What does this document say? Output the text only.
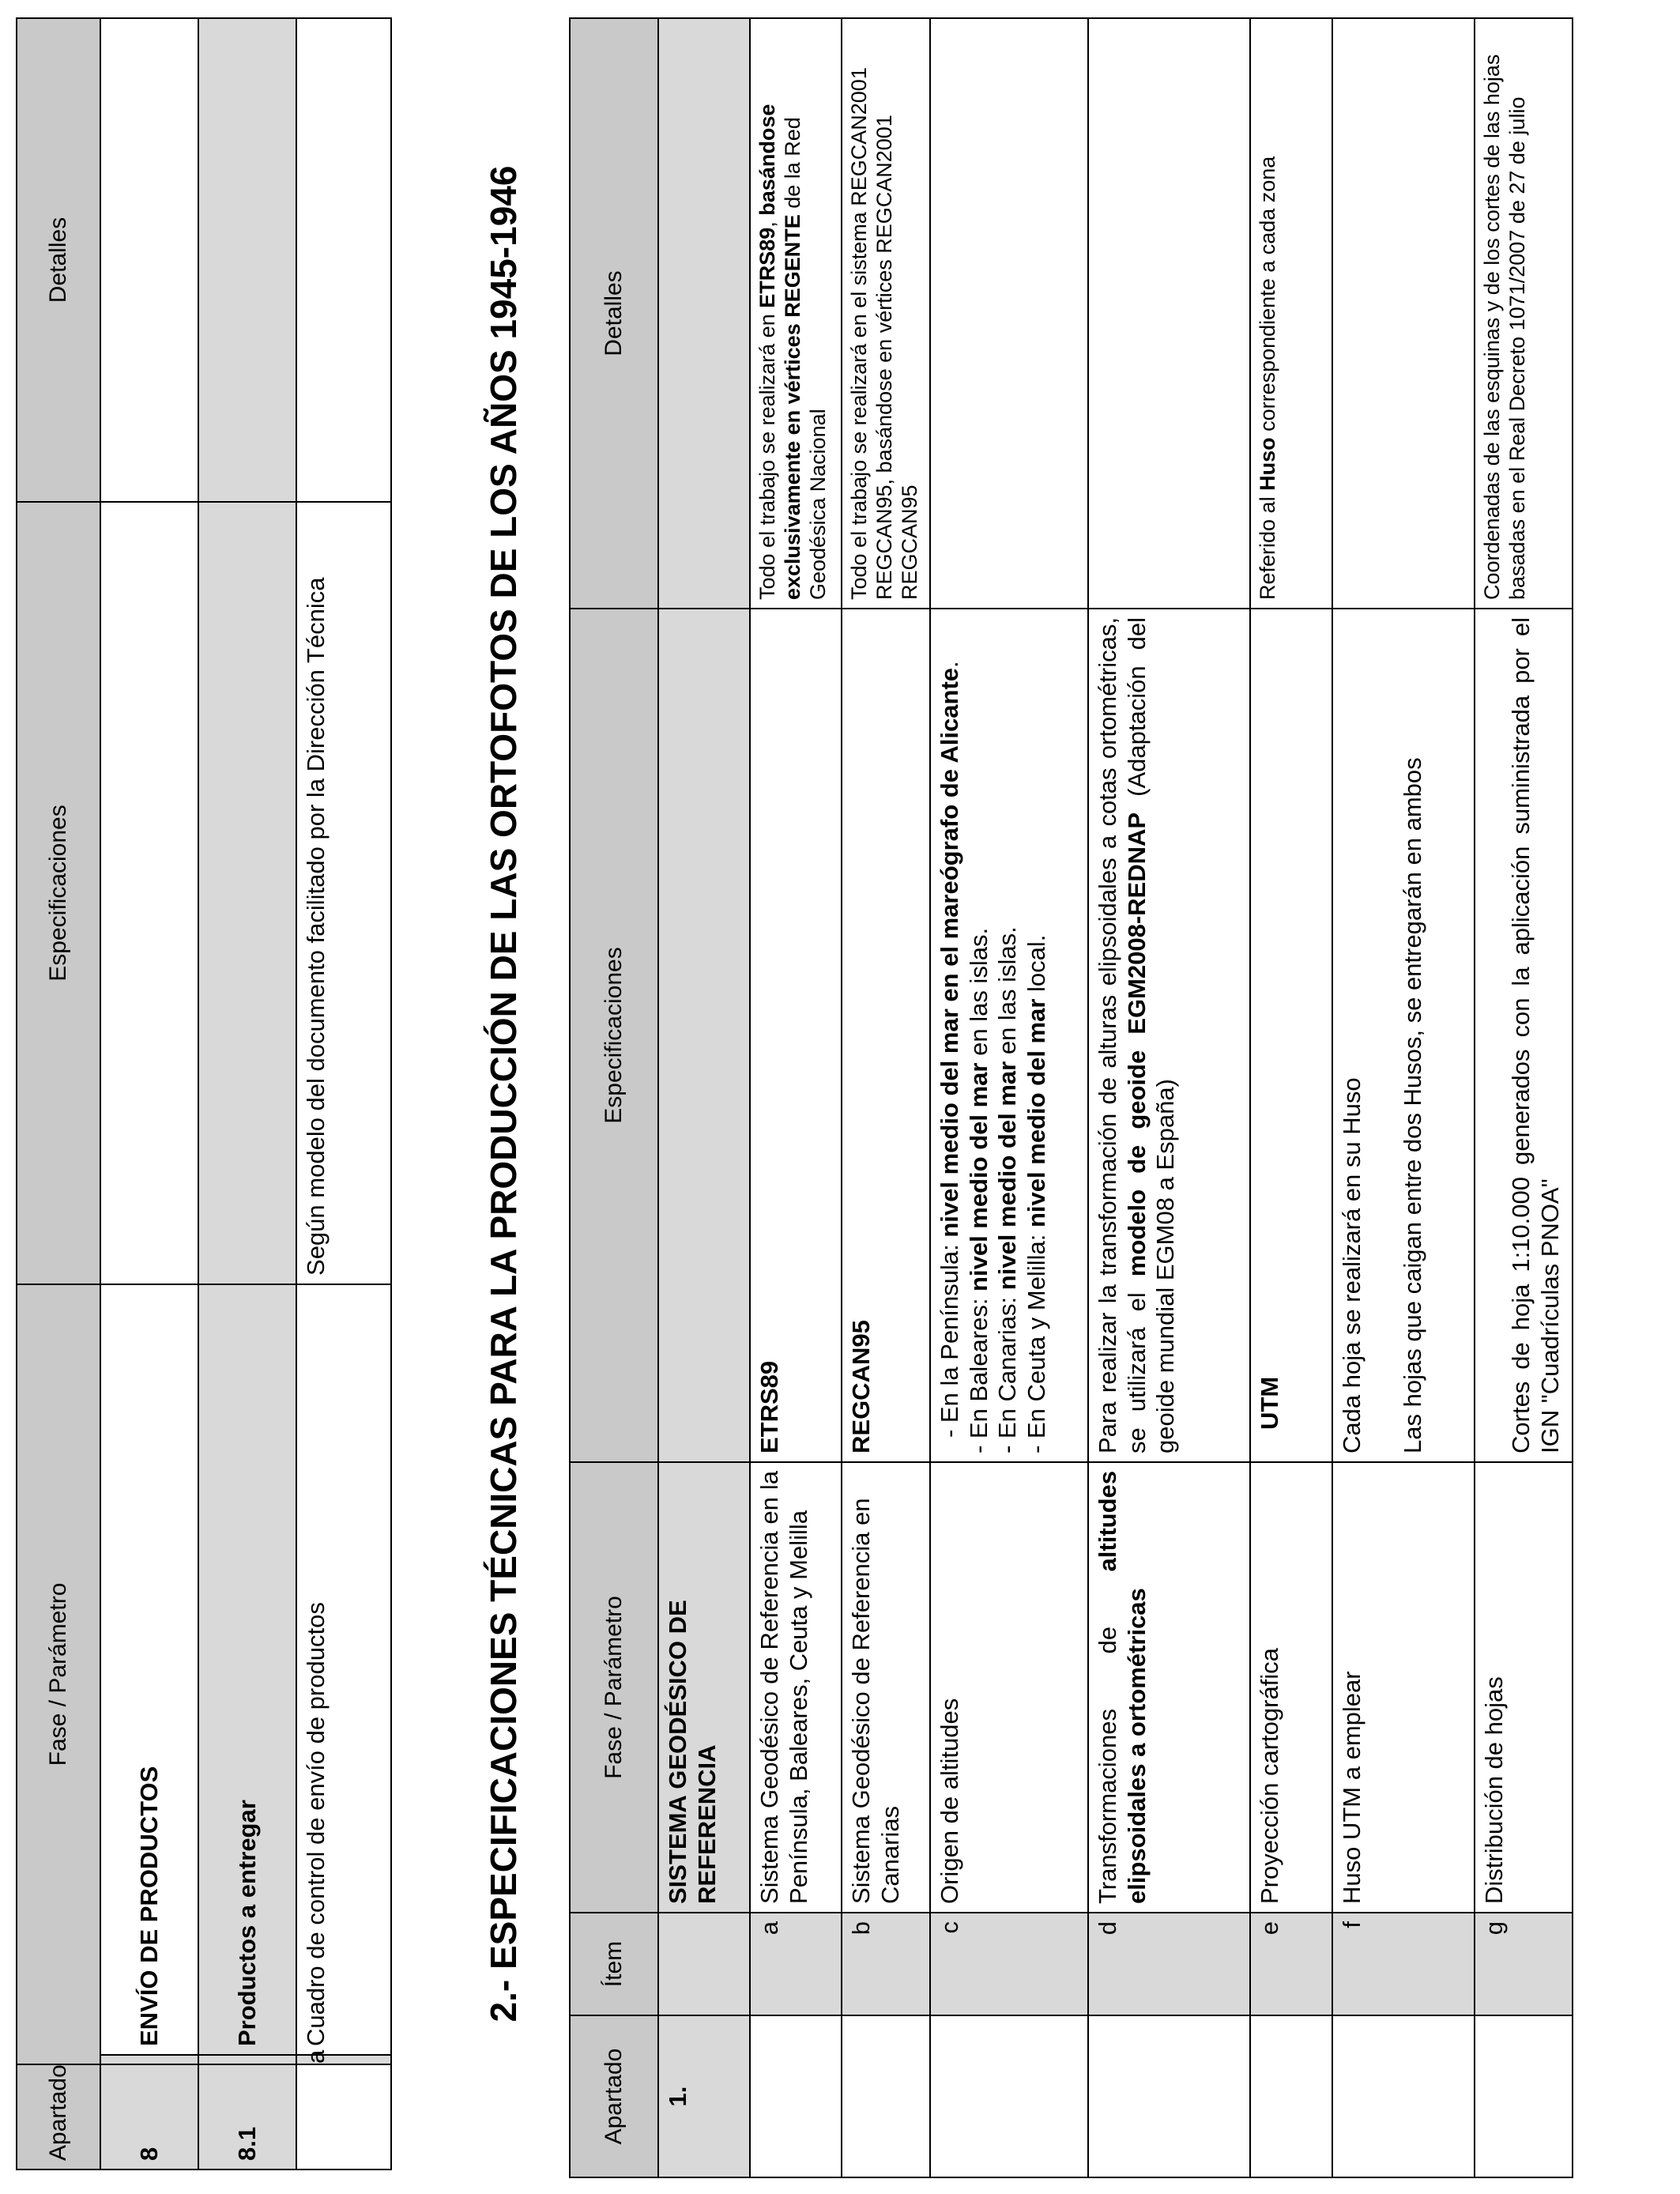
Apartado	Fase / Parámetro		Especificaciones	Detalles
8		ENVÍO DE PRODUCTOS		
8.1		Productos a entregar		
	a	Cuadro de control de envío de productos	Según modelo del documento facilitado por la Dirección Técnica		2.- ESPECIFICACIONES TÉCNICAS PARA LA PRODUCCIÓN DE LAS ORTOFOTOS DE LOS AÑOS 1945-1946
Apartado	Ítem	Fase / Parámetro	Especificaciones	Detalles
1.		SISTEMA GEODÉSICO DE REFERENCIA		
	a	Sistema Geodésico de Referencia en la Península, Baleares, Ceuta y Melilla	ETRS89	Todo el trabajo se realizará en ETRS89, basándose exclusivamente en vértices REGENTE de la Red Geodésica Nacional
	b	Sistema Geodésico de Referencia en Canarias	REGCAN95	Todo el trabajo se realizará en el sistema REGCAN2001 REGCAN95, basándose en vértices REGCAN2001 REGCAN95
	c	Origen de altitudes	- En la Península: nivel medio del mar en el mareógrafo de Alicante.
- En Baleares: nivel medio del mar en las islas.
- En Canarias: nivel medio del mar en las islas.
- En Ceuta y Melilla: nivel medio del mar local.	

	d	Transformaciones de altitudes elipsoidales a ortométricas	Para realizar la transformación de alturas elipsoidales a cotas ortométricas, se utilizará el modelo de geoide EGM2008-REDNAP (Adaptación del geoide mundial EGM08 a España)	
	e	Proyección cartográfica	UTM	Referido al Huso correspondiente a cada zona
	f	Huso UTM a emplear	Cada hoja se realizará en su Huso Las hojas que caigan entre dos Husos, se entregarán en ambos	

	g	Distribución de hojas	Cortes de hoja 1:10.000 generados con la aplicación suministrada por el IGN "Cuadrículas PNOA"	Coordenadas de las esquinas y de los cortes de las hojas basadas en el Real Decreto 1071/2007 de 27 de julio
